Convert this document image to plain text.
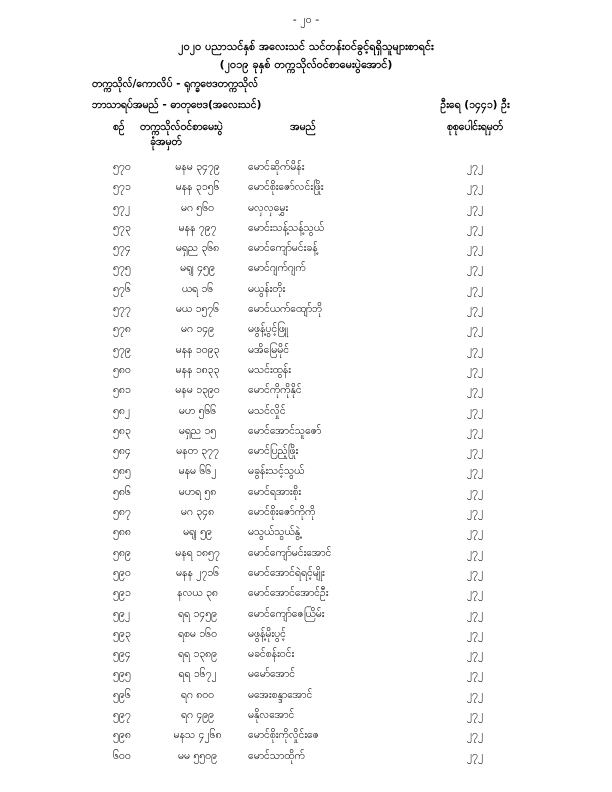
- ၂၀ -
၂၀၂၀ ပညာသင်နှစ် အလေးသင် သင်တန်းဝင်ခွင့်ရရှိသူများစာရင်း
(၂၀၁၉ ခုနှစ် တက္ကသိုလ်ဝင်စာမေးပွဲအောင်)
တက္ကသိုလ်/ကောလိပ် - ရုက္ခဗေဒတက္ကသိုလ်
ဘာသာရပ်အမည် - ဓာတုဗေဒ(အလေးသင်)	ဦးရေ (၁၄၄၁) ဦး
စဉ် တက္ကသိုလ်ဝင်စာမေးပွဲ
ခုံအမှတ်
အမည်	စုစုပေါင်းရမှတ်
၅၇၀	မနမ ၃၄၇၉	မောင်ဆိုက်မိန်း	၂၇၂
၅၇၁	မနန ၃၁၅၆	မောင်စိုးဇော်လင်းဖြိုး	၂၇၂
၅၇၂	မဂ ၅၆၀	မလှလှမွှေး	၂၇၂
၅၇၃	မနန ၇၉၇	မောင်းသန့်သန့်သွယ်	၂၇၂
၅၇၄	မရှည ၃၆၈	မောင်ကျော်မင်းခန့်	၂၇၂
၅၇၅	မရျ ၄၅၉	မောင်ဂျက်ဂျက်	၂၇၂
၅၇၆	ယရ ၁၆	မယွန်းတိုး	၂၇၂
၅၇၇	မယ ၁၅၇၆	မောင်ယက်ထျော်ဘို	၂၇၂
၅၇၈	မဂ ၁၄၉	မဖွန့်ပွင့်ဖြူ	၂၇၂
၅၇၉	မနန ၁၀၉၃	မအိမြေမိုင်	၂၇၂
၅၈၀	မနန ၁၈၃၃	မသင်းထွန်း	၂၇၂
၅၈၁	မနမ ၁၃၉၀	မောင်ကိုကိုနိုင်	၂၇၂
၅၈၂	မဟ ၅၆၆	မသင်လှိုင်	၂၇၂
၅၈၃	မရှည ၁၅	မောင်အောင်သူဇော်	၂၇၂
၅၈၄	မနတ ၃၇၇	မောင်ပြည့်ဖြိုး	၂၇၂
၅၈၅	မနမ ၆၆၂	မခွန်းသင့်သွယ်	၂၇၂
၅၈၆	မဟရ ၅၈	မောင်ရအားစိုး	၂၇၂
၅၈၇	မဂ ၃၄၈	မောင်စိုးဇော်ကိုကို	၂၇၂
၅၈၈	မရျ ၅၉	မသွယ်သွယ်နွဲ့	၂၇၂
၅၈၉	မနရ ၁၈၅၇	မောင်ကျော်မင်းအောင်	၂၇၂
၅၉၀	မနန ၂၇၁၆	မောင်အောင်ရဲရင့်မျိုး	၂၇၂
၅၉၁	နလယ ၃၈	မောင်အောင်အောင်ဦး	၂၇၂
၅၉၂	ရရ ၁၄၅၉	မောင်ကျော်ဇေယြိမ်း	၂၇၂
၅၉၃	ရစမ ၁၆၀	မဖွန့်မိုးပွင့်	၂၇၂
၅၉၄	ရရ ၁၃၈၉	မခင်စန်းဝင်း	၂၇၂
၅၉၅	ရရ ၁၆၇၂	မမော်အောင်	၂၇၂
၅၉၆	ရဂ ၈၀၀	မအေးစန္ဒာအောင်	၂၇၂
၅၉၇	ရဂ ၄၉၉	မနိုလအောင်	၂၇၂
၅၉၈	မနသ ၄၂၆၈	မောင်စိုးကိုလှိုင်းဇေ	၂၇၂
၆၀၀	မမ ၅၅၀၉	မောင်သာထိုက်	၂၇၂
